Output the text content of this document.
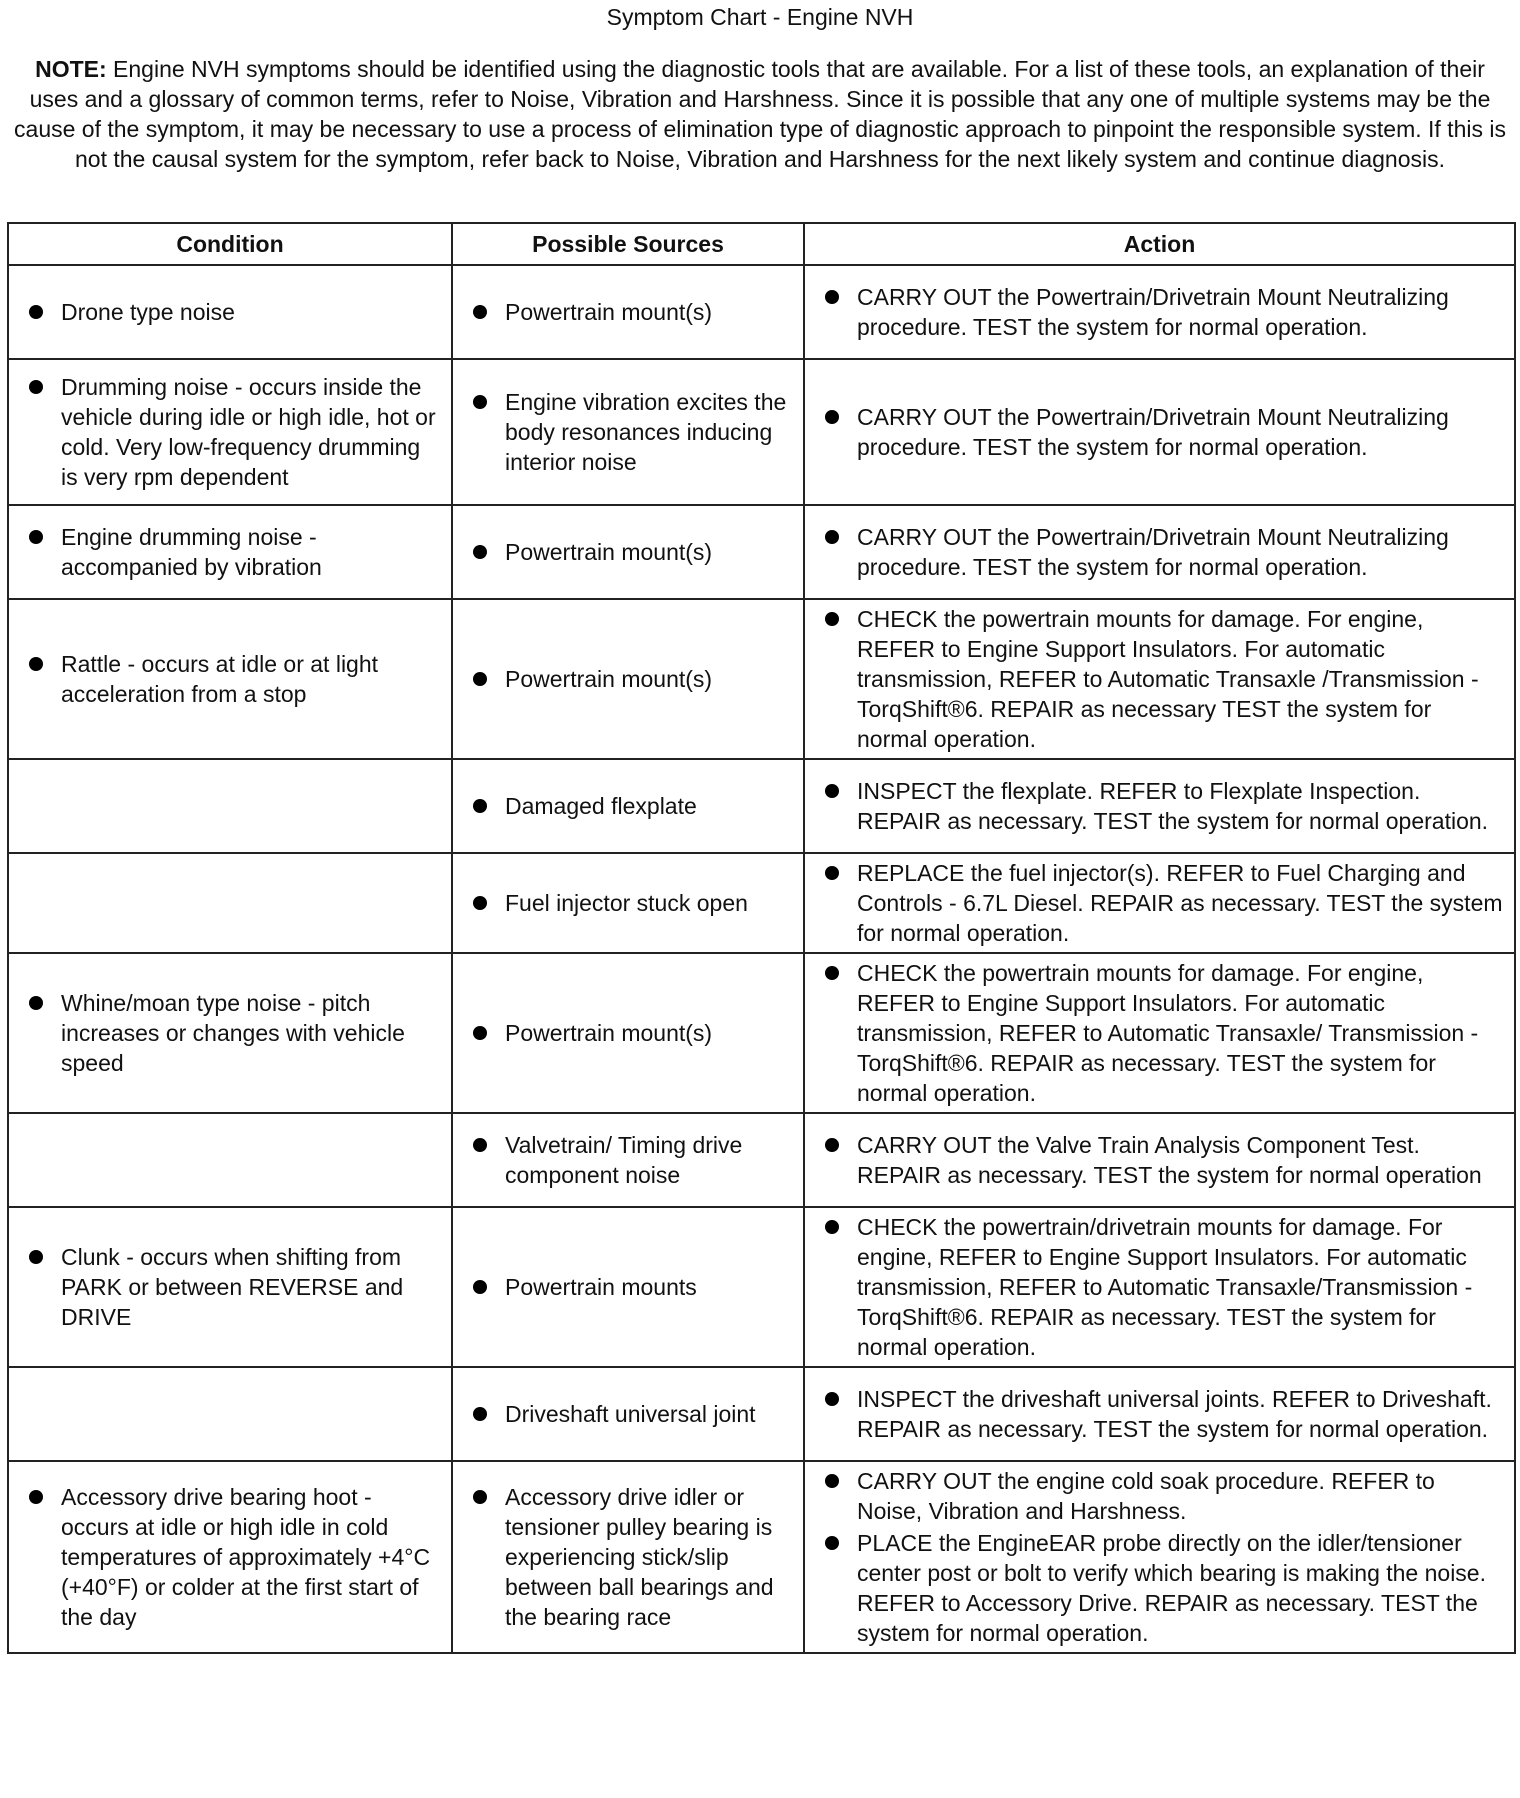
Symptom Chart - Engine NVH
NOTE: Engine NVH symptoms should be identified using the diagnostic tools that are available. For a list of these tools, an explanation of their uses and a glossary of common terms, refer to Noise, Vibration and Harshness. Since it is possible that any one of multiple systems may be the cause of the symptom, it may be necessary to use a process of elimination type of diagnostic approach to pinpoint the responsible system. If this is not the causal system for the symptom, refer back to Noise, Vibration and Harshness for the next likely system and continue diagnosis.
Condition	Possible Sources	Action

Drone type noise	Powertrain mount(s)	CARRY OUT the Powertrain/Drivetrain Mount Neutralizing procedure. TEST the system for normal operation.

Drumming noise - occurs inside the vehicle during idle or high idle, hot or cold. Very low-frequency drumming is very rpm dependent	Engine vibration excites the body resonances inducing interior noise	CARRY OUT the Powertrain/Drivetrain Mount Neutralizing procedure. TEST the system for normal operation.

Engine drumming noise - accompanied by vibration	Powertrain mount(s)	CARRY OUT the Powertrain/Drivetrain Mount Neutralizing procedure. TEST the system for normal operation.

Rattle - occurs at idle or at light acceleration from a stop	Powertrain mount(s)	CHECK the powertrain mounts for damage. For engine, REFER to Engine Support Insulators. For automatic transmission, REFER to Automatic Transaxle /Transmission - TorqShift®6. REPAIR as necessary TEST the system for normal operation.

	Damaged flexplate	INSPECT the flexplate. REFER to Flexplate Inspection. REPAIR as necessary. TEST the system for normal operation.

	Fuel injector stuck open	REPLACE the fuel injector(s). REFER to Fuel Charging and Controls - 6.7L Diesel. REPAIR as necessary. TEST the system for normal operation.

Whine/moan type noise - pitch increases or changes with vehicle speed	Powertrain mount(s)	CHECK the powertrain mounts for damage. For engine, REFER to Engine Support Insulators. For automatic transmission, REFER to Automatic Transaxle/ Transmission - TorqShift®6. REPAIR as necessary. TEST the system for normal operation.

	Valvetrain/ Timing drive component noise	CARRY OUT the Valve Train Analysis Component Test. REPAIR as necessary. TEST the system for normal operation

Clunk - occurs when shifting from PARK or between REVERSE and DRIVE	Powertrain mounts	CHECK the powertrain/drivetrain mounts for damage. For engine, REFER to Engine Support Insulators. For automatic transmission, REFER to Automatic Transaxle/Transmission - TorqShift®6. REPAIR as necessary. TEST the system for normal operation.

	Driveshaft universal joint	INSPECT the driveshaft universal joints. REFER to Driveshaft. REPAIR as necessary. TEST the system for normal operation.

Accessory drive bearing hoot - occurs at idle or high idle in cold temperatures of approximately +4°C (+40°F) or colder at the first start of the day	Accessory drive idler or tensioner pulley bearing is experiencing stick/slip between ball bearings and the bearing race	CARRY OUT the engine cold soak procedure. REFER to Noise, Vibration and Harshness.
PLACE the EngineEAR probe directly on the idler/tensioner center post or bolt to verify which bearing is making the noise. REFER to Accessory Drive. REPAIR as necessary. TEST the system for normal operation.
